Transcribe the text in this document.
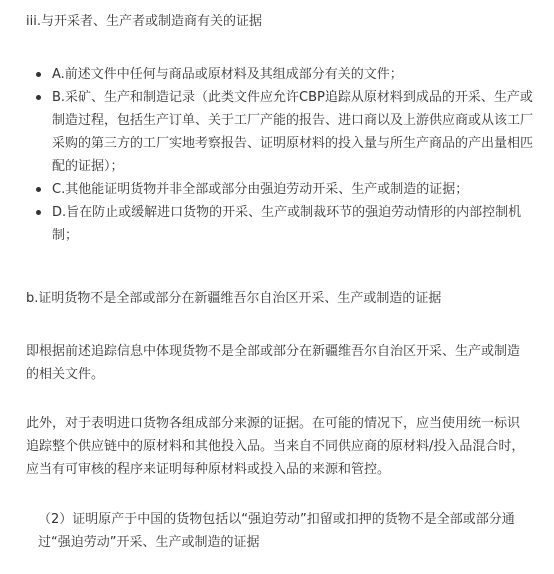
iii.与开采者、生产者或制造商有关的证据
A.前述文件中任何与商品或原材料及其组成部分有关的文件；
B.采矿、生产和制造记录（此类文件应允许CBP追踪从原材料到成品的开采、生产或制造过程，包括生产订单、关于工厂产能的报告、进口商以及上游供应商或从该工厂采购的第三方的工厂实地考察报告、证明原材料的投入量与所生产商品的产出量相匹配的证据）；
C.其他能证明货物并非全部或部分由强迫劳动开采、生产或制造的证据；
D.旨在防止或缓解进口货物的开采、生产或制裁环节的强迫劳动情形的内部控制机制；

b.证明货物不是全部或部分在新疆维吾尔自治区开采、生产或制造的证据

即根据前述追踪信息中体现货物不是全部或部分在新疆维吾尔自治区开采、生产或制造的相关文件。

此外，对于表明进口货物各组成部分来源的证据。在可能的情况下，应当使用统一标识追踪整个供应链中的原材料和其他投入品。当来自不同供应商的原材料/投入品混合时，应当有可审核的程序来证明每种原材料或投入品的来源和管控。

（2）证明原产于中国的货物包括以“强迫劳动”扣留或扣押的货物不是全部或部分通过“强迫劳动”开采、生产或制造的证据
